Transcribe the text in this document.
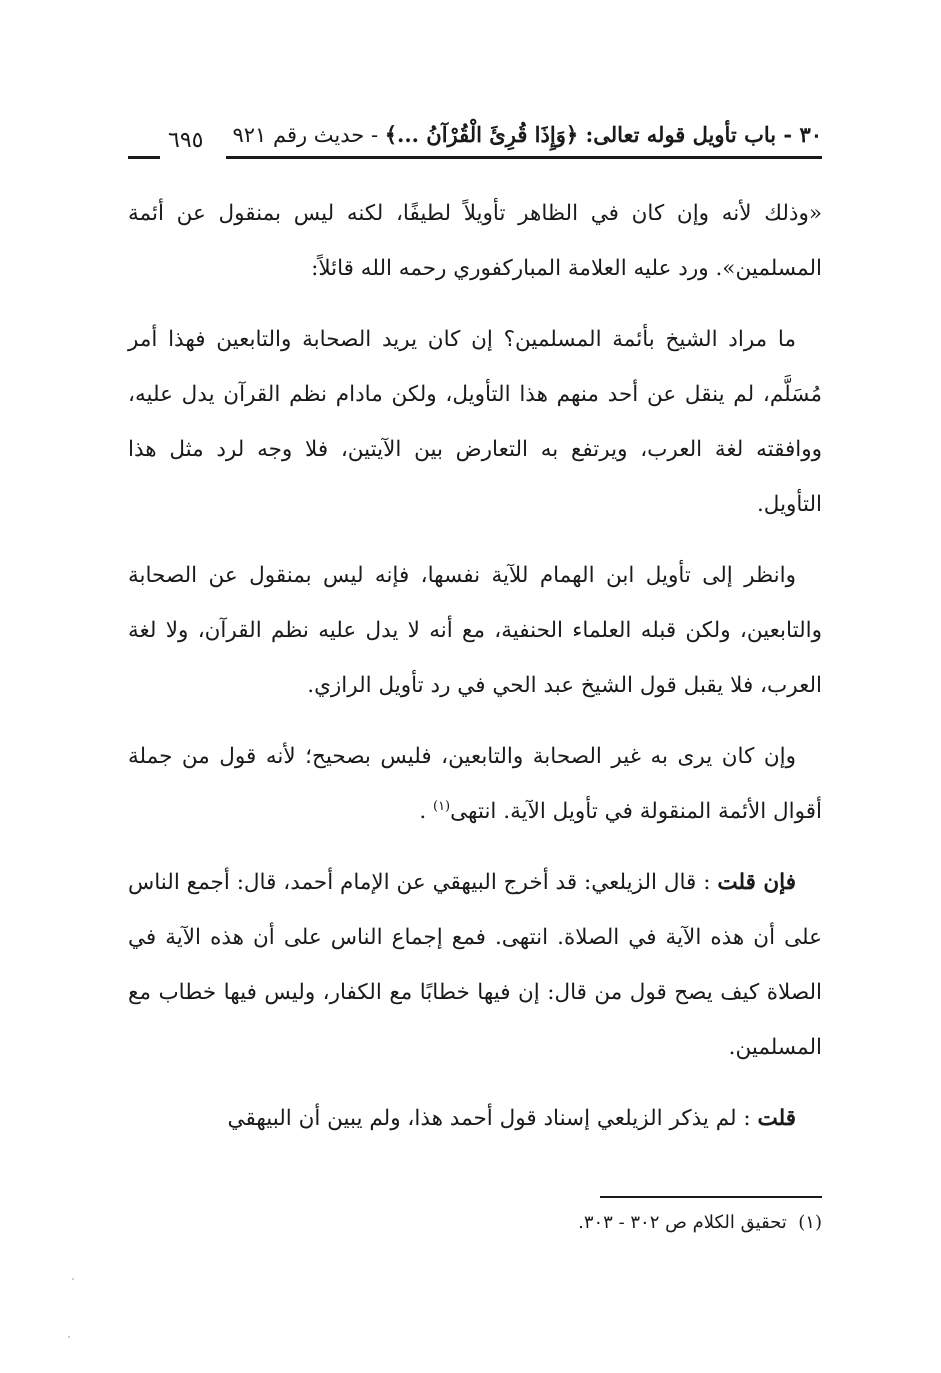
٣٠ - باب تأويل قوله تعالى: ﴿وَإِذَا قُرِئَ الْقُرْآنُ ...﴾ - حديث رقم ٩٢١
٦٩٥

«وذلك لأنه وإن كان في الظاهر تأويلاً لطيفًا، لكنه ليس بمنقول عن أئمة المسلمين». ورد عليه العلامة المباركفوري رحمه الله قائلاً:

ما مراد الشيخ بأئمة المسلمين؟ إن كان يريد الصحابة والتابعين فهذا أمر مُسَلَّم، لم ينقل عن أحد منهم هذا التأويل، ولكن مادام نظم القرآن يدل عليه، ووافقته لغة العرب، ويرتفع به التعارض بين الآيتين، فلا وجه لرد مثل هذا التأويل.

وانظر إلى تأويل ابن الهمام للآية نفسها، فإنه ليس بمنقول عن الصحابة والتابعين، ولكن قبله العلماء الحنفية، مع أنه لا يدل عليه نظم القرآن، ولا لغة العرب، فلا يقبل قول الشيخ عبد الحي في رد تأويل الرازي.

وإن كان يرى به غير الصحابة والتابعين، فليس بصحيح؛ لأنه قول من جملة أقوال الأئمة المنقولة في تأويل الآية. انتهى$^{(١)}$ .

فإن قلت : قال الزيلعي: قد أخرج البيهقي عن الإمام أحمد، قال: أجمع الناس على أن هذه الآية في الصلاة. انتهى. فمع إجماع الناس على أن هذه الآية في الصلاة كيف يصح قول من قال: إن فيها خطابًا مع الكفار، وليس فيها خطاب مع المسلمين.

قلت : لم يذكر الزيلعي إسناد قول أحمد هذا، ولم يبين أن البيهقي

(١)  تحقيق الكلام ص ٣٠٢ - ٣٠٣.
